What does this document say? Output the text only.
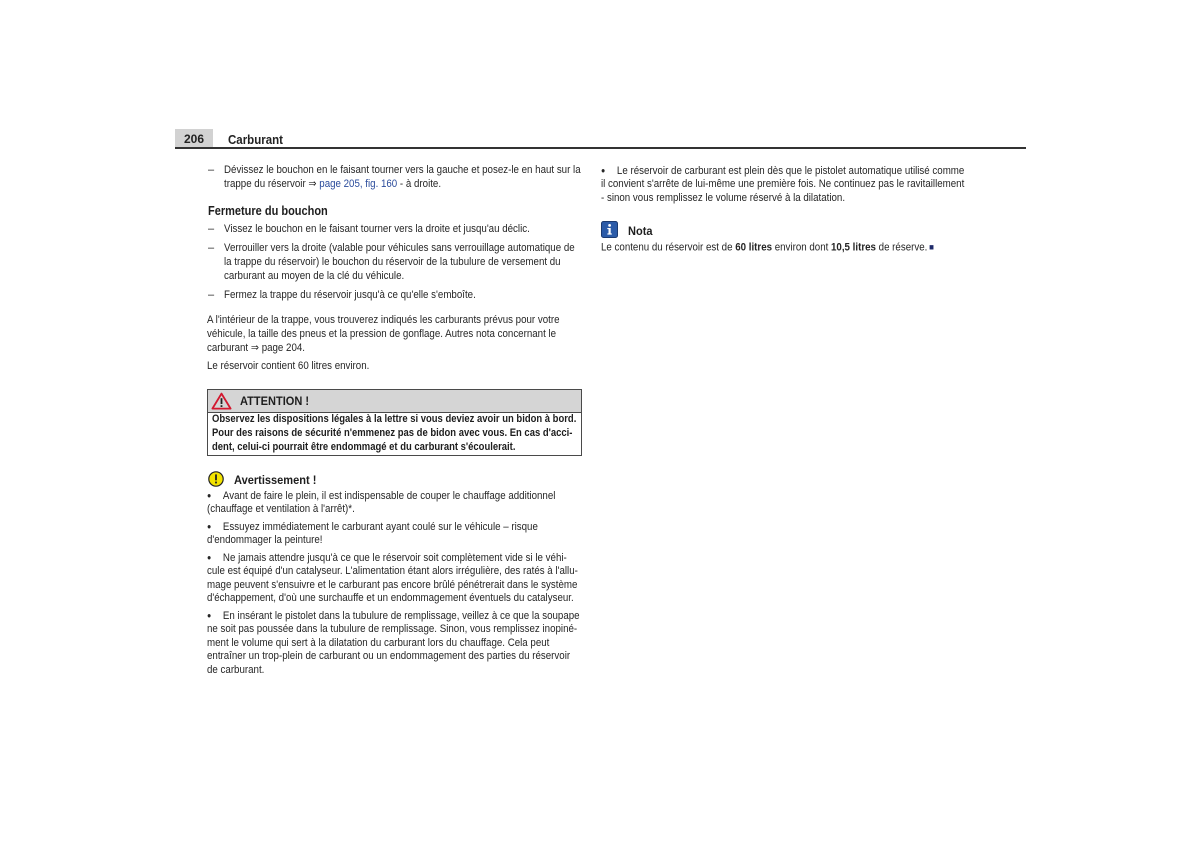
206	Carburant
– Dévissez le bouchon en le faisant tourner vers la gauche et posez-le en haut sur la
trappe du réservoir ⇒ page 205, fig. 160 - à droite.
Fermeture du bouchon
– Vissez le bouchon en le faisant tourner vers la droite et jusqu'au déclic.
– Verrouiller vers la droite (valable pour véhicules sans verrouillage automatique de
la trappe du réservoir) le bouchon du réservoir de la tubulure de versement du
carburant au moyen de la clé du véhicule.
– Fermez la trappe du réservoir jusqu'à ce qu'elle s'emboîte.
A l'intérieur de la trappe, vous trouverez indiqués les carburants prévus pour votre
véhicule, la taille des pneus et la pression de gonflage. Autres nota concernant le
carburant ⇒ page 204.
Le réservoir contient 60 litres environ.
ATTENTION !
Observez les dispositions légales à la lettre si vous deviez avoir un bidon à bord.
Pour des raisons de sécurité n'emmenez pas de bidon avec vous. En cas d'acci-
dent, celui-ci pourrait être endommagé et du carburant s'écoulerait.
Avertissement !
● Avant de faire le plein, il est indispensable de couper le chauffage additionnel
(chauffage et ventilation à l'arrêt)*.
● Essuyez immédiatement le carburant ayant coulé sur le véhicule – risque
d'endommager la peinture!
● Ne jamais attendre jusqu'à ce que le réservoir soit complètement vide si le véhi-
cule est équipé d'un catalyseur. L'alimentation étant alors irrégulière, des ratés à l'allu-
mage peuvent s'ensuivre et le carburant pas encore brûlé pénétrerait dans le système
d'échappement, d'où une surchauffe et un endommagement éventuels du catalyseur.
● En insérant le pistolet dans la tubulure de remplissage, veillez à ce que la soupape
ne soit pas poussée dans la tubulure de remplissage. Sinon, vous remplissez inopiné-
ment le volume qui sert à la dilatation du carburant lors du chauffage. Cela peut
entraîner un trop-plein de carburant ou un endommagement des parties du réservoir
de carburant.
● Le réservoir de carburant est plein dès que le pistolet automatique utilisé comme
il convient s'arrête de lui-même une première fois. Ne continuez pas le ravitaillement
- sinon vous remplissez le volume réservé à la dilatation.
Nota
Le contenu du réservoir est de 60 litres environ dont 10,5 litres de réserve. ■
